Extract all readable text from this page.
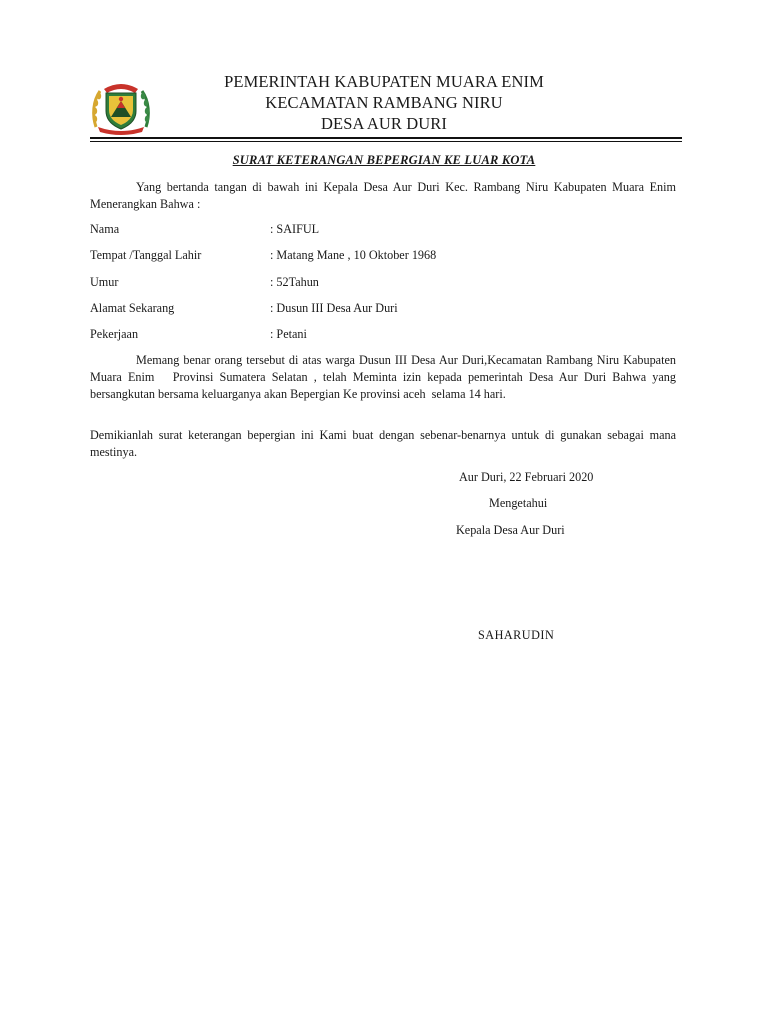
PEMERINTAH KABUPATEN MUARA ENIM
KECAMATAN RAMBANG NIRU
DESA AUR DURI
SURAT KETERANGAN BEPERGIAN KE LUAR KOTA
Yang bertanda tangan di bawah ini Kepala Desa Aur Duri Kec. Rambang Niru Kabupaten Muara Enim Menerangkan Bahwa :
Nama	: SAIFUL
Tempat /Tanggal Lahir	: Matang Mane , 10 Oktober 1968
Umur	: 52Tahun
Alamat Sekarang	: Dusun III Desa Aur Duri
Pekerjaan	: Petani
Memang benar orang tersebut di atas warga Dusun III Desa Aur Duri,Kecamatan Rambang Niru Kabupaten Muara Enim   Provinsi Sumatera Selatan , telah Meminta izin kepada pemerintah Desa Aur Duri Bahwa yang bersangkutan bersama keluarganya akan Bepergian Ke provinsi aceh  selama 14 hari.
Demikianlah surat keterangan bepergian ini Kami buat dengan sebenar-benarnya untuk di gunakan sebagai mana mestinya.
Aur Duri, 22 Februari 2020
Mengetahui
Kepala Desa Aur Duri
SAHARUDIN
